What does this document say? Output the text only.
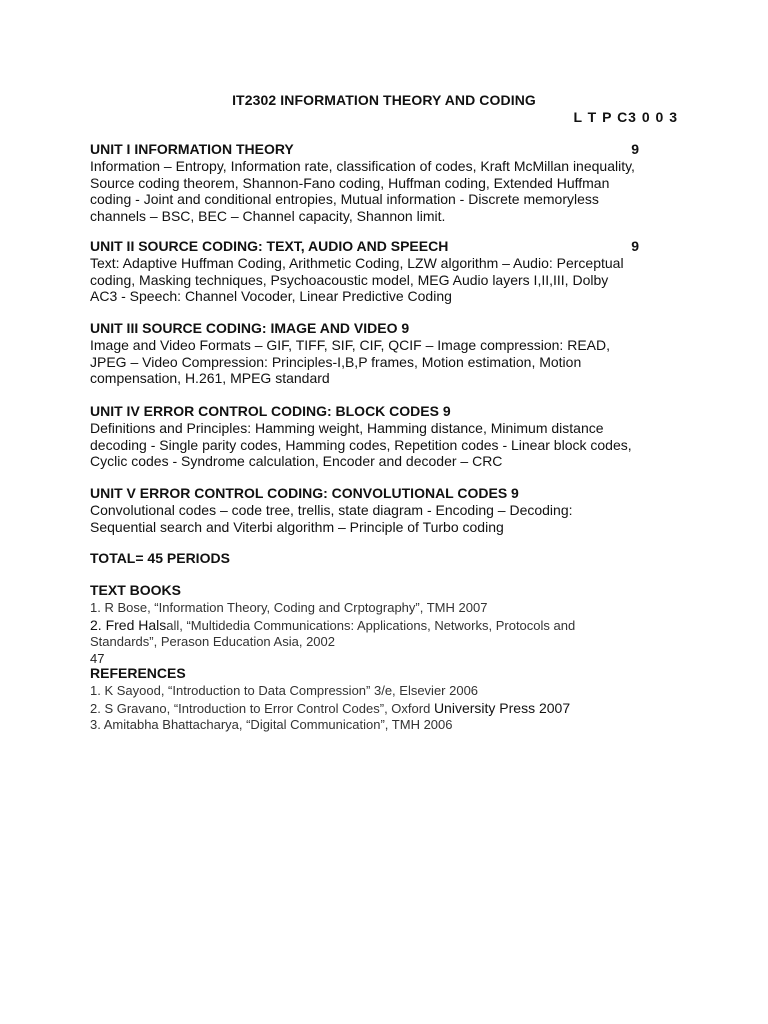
IT2302 INFORMATION THEORY AND CODING
L T P C3 0 0 3
UNIT I INFORMATION THEORY	9

Information – Entropy, Information rate, classification of codes, Kraft McMillan inequality,

Source coding theorem, Shannon-Fano coding, Huffman coding, Extended Huffman

coding - Joint and conditional entropies, Mutual information - Discrete memoryless

channels – BSC, BEC – Channel capacity, Shannon limit.

UNIT II SOURCE CODING: TEXT, AUDIO AND SPEECH	9

Text: Adaptive Huffman Coding, Arithmetic Coding, LZW algorithm – Audio: Perceptual

coding, Masking techniques, Psychoacoustic model, MEG Audio layers I,II,III, Dolby

AC3 - Speech: Channel Vocoder, Linear Predictive Coding

UNIT III SOURCE CODING: IMAGE AND VIDEO 9

Image and Video Formats – GIF, TIFF, SIF, CIF, QCIF – Image compression: READ,

JPEG – Video Compression: Principles-I,B,P frames, Motion estimation, Motion

compensation, H.261, MPEG standard

UNIT IV ERROR CONTROL CODING: BLOCK CODES 9

Definitions and Principles: Hamming weight, Hamming distance, Minimum distance

decoding - Single parity codes, Hamming codes, Repetition codes - Linear block codes,

Cyclic codes - Syndrome calculation, Encoder and decoder – CRC

UNIT V ERROR CONTROL CODING: CONVOLUTIONAL CODES 9

Convolutional codes – code tree, trellis, state diagram - Encoding – Decoding:

Sequential search and Viterbi algorithm – Principle of Turbo coding

TOTAL= 45 PERIODS
TEXT BOOKS

1. R Bose, “Information Theory, Coding and Crptography”, TMH 2007

2. Fred Halsall, “Multidedia Communications: Applications, Networks, Protocols and Standards”, Perason Education Asia, 2002

47
REFERENCES

1. K Sayood, “Introduction to Data Compression” 3/e, Elsevier 2006

2. S Gravano, “Introduction to Error Control Codes”, Oxford University Press 2007

3. Amitabha Bhattacharya, “Digital Communication”, TMH 2006
